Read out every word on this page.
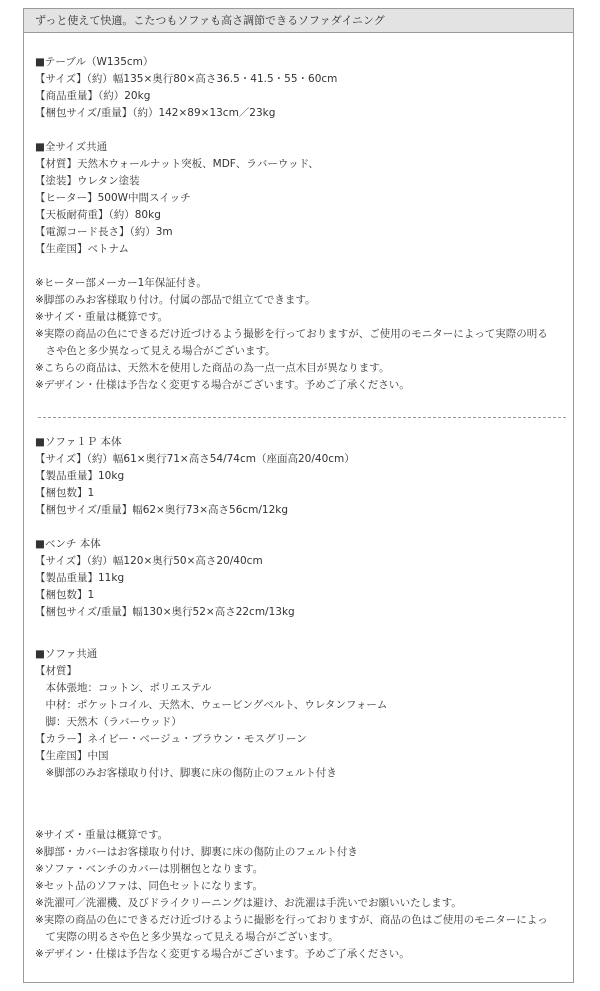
ずっと使えて快適。こたつもソファも高さ調節できるソファダイニング
■テーブル（W135cm）
【サイズ】（約）幅135×奥行80×高さ36.5・41.5・55・60cm
【商品重量】（約）20kg
【梱包サイズ/重量】（約）142×89×13cm／23kg
■全サイズ共通
【材質】天然木ウォールナット突板、MDF、ラバーウッド、
【塗装】ウレタン塗装
【ヒーター】500W中間スイッチ
【天板耐荷重】（約）80kg
【電源コード長さ】（約）3m
【生産国】ベトナム
※ヒーター部メーカー1年保証付き。
※脚部のみお客様取り付け。付属の部品で組立てできます。
※サイズ・重量は概算です。
※実際の商品の色にできるだけ近づけるよう撮影を行っておりますが、ご使用のモニターによって実際の明る
　さや色と多少異なって見える場合がございます。
※こちらの商品は、天然木を使用した商品の為一点一点木目が異なります。
※デザイン・仕様は予告なく変更する場合がございます。予めご了承ください。
■ソファ１Ｐ 本体
【サイズ】（約）幅61×奥行71×高さ54/74cm（座面高20/40cm）
【製品重量】10kg
【梱包数】1
【梱包サイズ/重量】幅62×奥行73×高さ56cm/12kg
■ベンチ 本体
【サイズ】（約）幅120×奥行50×高さ20/40cm
【製品重量】11kg
【梱包数】1
【梱包サイズ/重量】幅130×奥行52×高さ22cm/13kg
■ソファ共通
【材質】
　本体張地：コットン、ポリエステル
　中材：ポケットコイル、天然木、ウェービングベルト、ウレタンフォーム
　脚：天然木（ラバーウッド）
【カラー】ネイビー・ベージュ・ブラウン・モスグリーン
【生産国】中国
　※脚部のみお客様取り付け、脚裏に床の傷防止のフェルト付き
※サイズ・重量は概算です。
※脚部・カバーはお客様取り付け、脚裏に床の傷防止のフェルト付き
※ソファ・ベンチのカバーは別梱包となります。
※セット品のソファは、同色セットになります。
※洗濯可／洗濯機、及びドライクリーニングは避け、お洗濯は手洗いでお願いいたします。
※実際の商品の色にできるだけ近づけるように撮影を行っておりますが、商品の色はご使用のモニターによっ
　て実際の明るさや色と多少異なって見える場合がございます。
※デザイン・仕様は予告なく変更する場合がございます。予めご了承ください。
